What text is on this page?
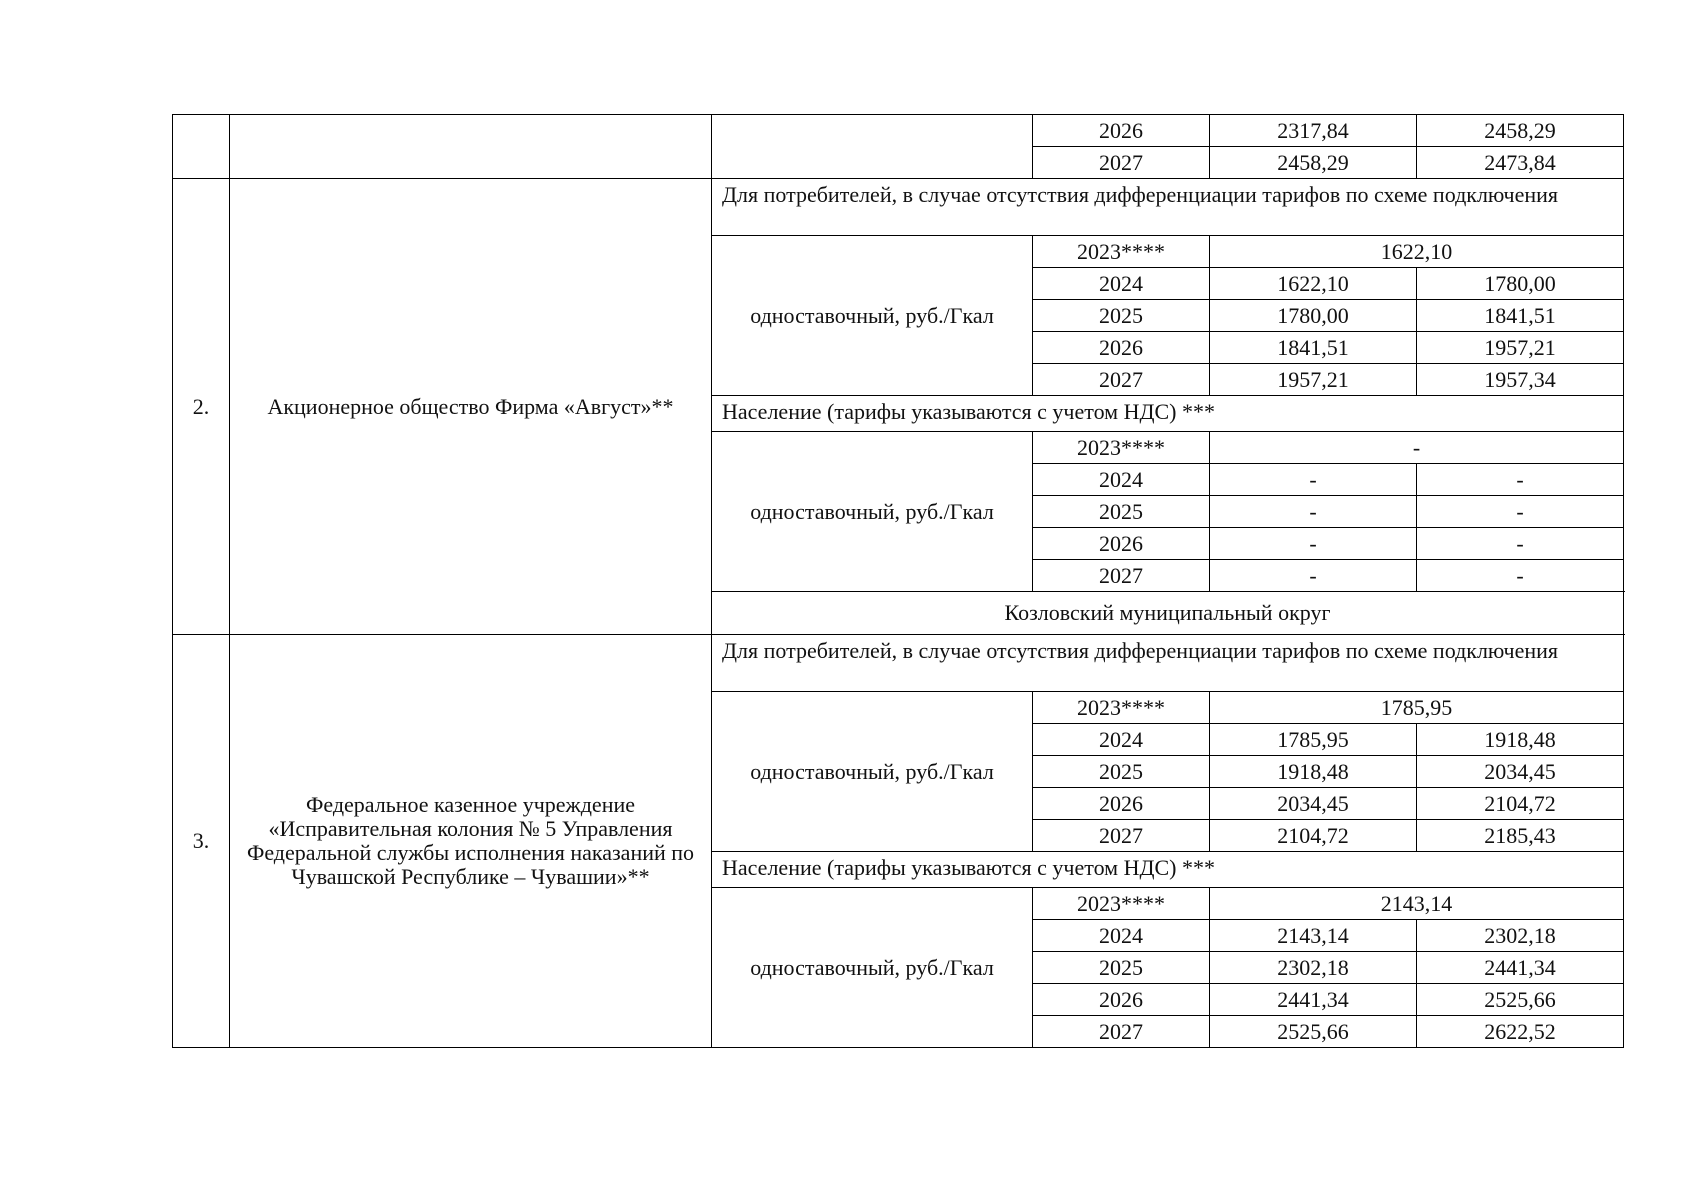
			2026	2317,84	2458,29
			2027	2458,29	2473,84
2.	Акционерное общество Фирма «Август»**	Для потребителей, в случае отсутствия дифференциации тарифов по схеме подключения			
		одноставочный, руб./Гкал	2023****	1622,10	
			2024	1622,10	1780,00
			2025	1780,00	1841,51
			2026	1841,51	1957,21
			2027	1957,21	1957,34
		Население (тарифы указываются с учетом НДС) ***			
		одноставочный, руб./Гкал	2023****	-	
			2024	-	-
			2025	-	-
			2026	-	-
			2027	-	-
		Козловский муниципальный округ			
3.	Федеральное казенное учреждение «Исправительная колония № 5 Управления Федеральной службы исполнения наказаний по Чувашской Республике – Чувашии»**	Для потребителей, в случае отсутствия дифференциации тарифов по схеме подключения			
		одноставочный, руб./Гкал	2023****	1785,95	
			2024	1785,95	1918,48
			2025	1918,48	2034,45
			2026	2034,45	2104,72
			2027	2104,72	2185,43
		Население (тарифы указываются с учетом НДС) ***			
		одноставочный, руб./Гкал	2023****	2143,14	
			2024	2143,14	2302,18
			2025	2302,18	2441,34
			2026	2441,34	2525,66
			2027	2525,66	2622,52
